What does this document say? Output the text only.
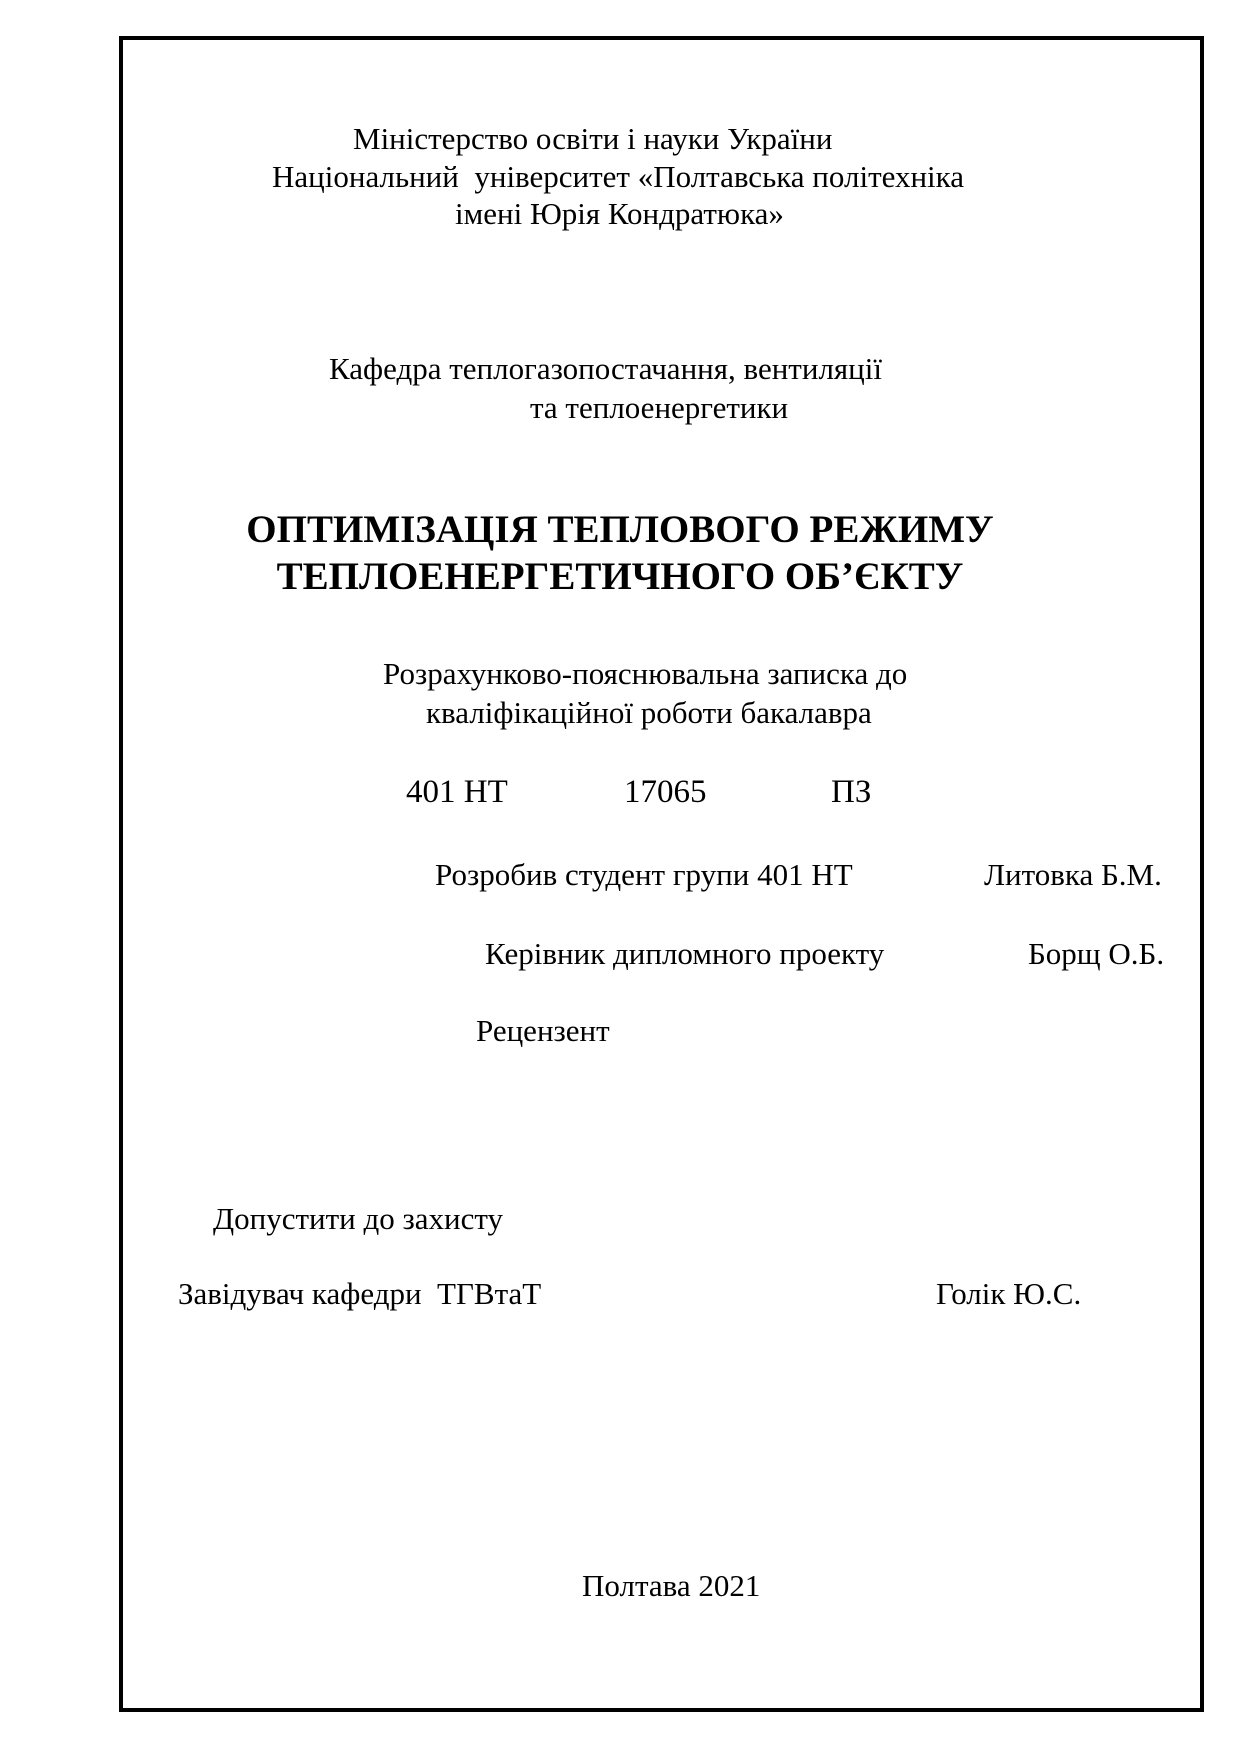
Міністерство освіти і науки України
Національний  університет «Полтавська політехніка
імені Юрія Кондратюка»
Кафедра теплогазопостачання, вентиляції
та теплоенергетики
ОПТИМІЗАЦІЯ ТЕПЛОВОГО РЕЖИМУ
ТЕПЛОЕНЕРГЕТИЧНОГО ОБ’ЄКТУ
Розрахунково-пояснювальна записка до
кваліфікаційної роботи бакалавра
401 НТ	17065	ПЗ
Розробив студент групи 401 НТ	Литовка Б.М.
Керівник дипломного проекту	Борщ О.Б.
Рецензент
Допустити до захисту
Завідувач кафедри  ТГВтаТ	Голік Ю.С.
Полтава 2021
